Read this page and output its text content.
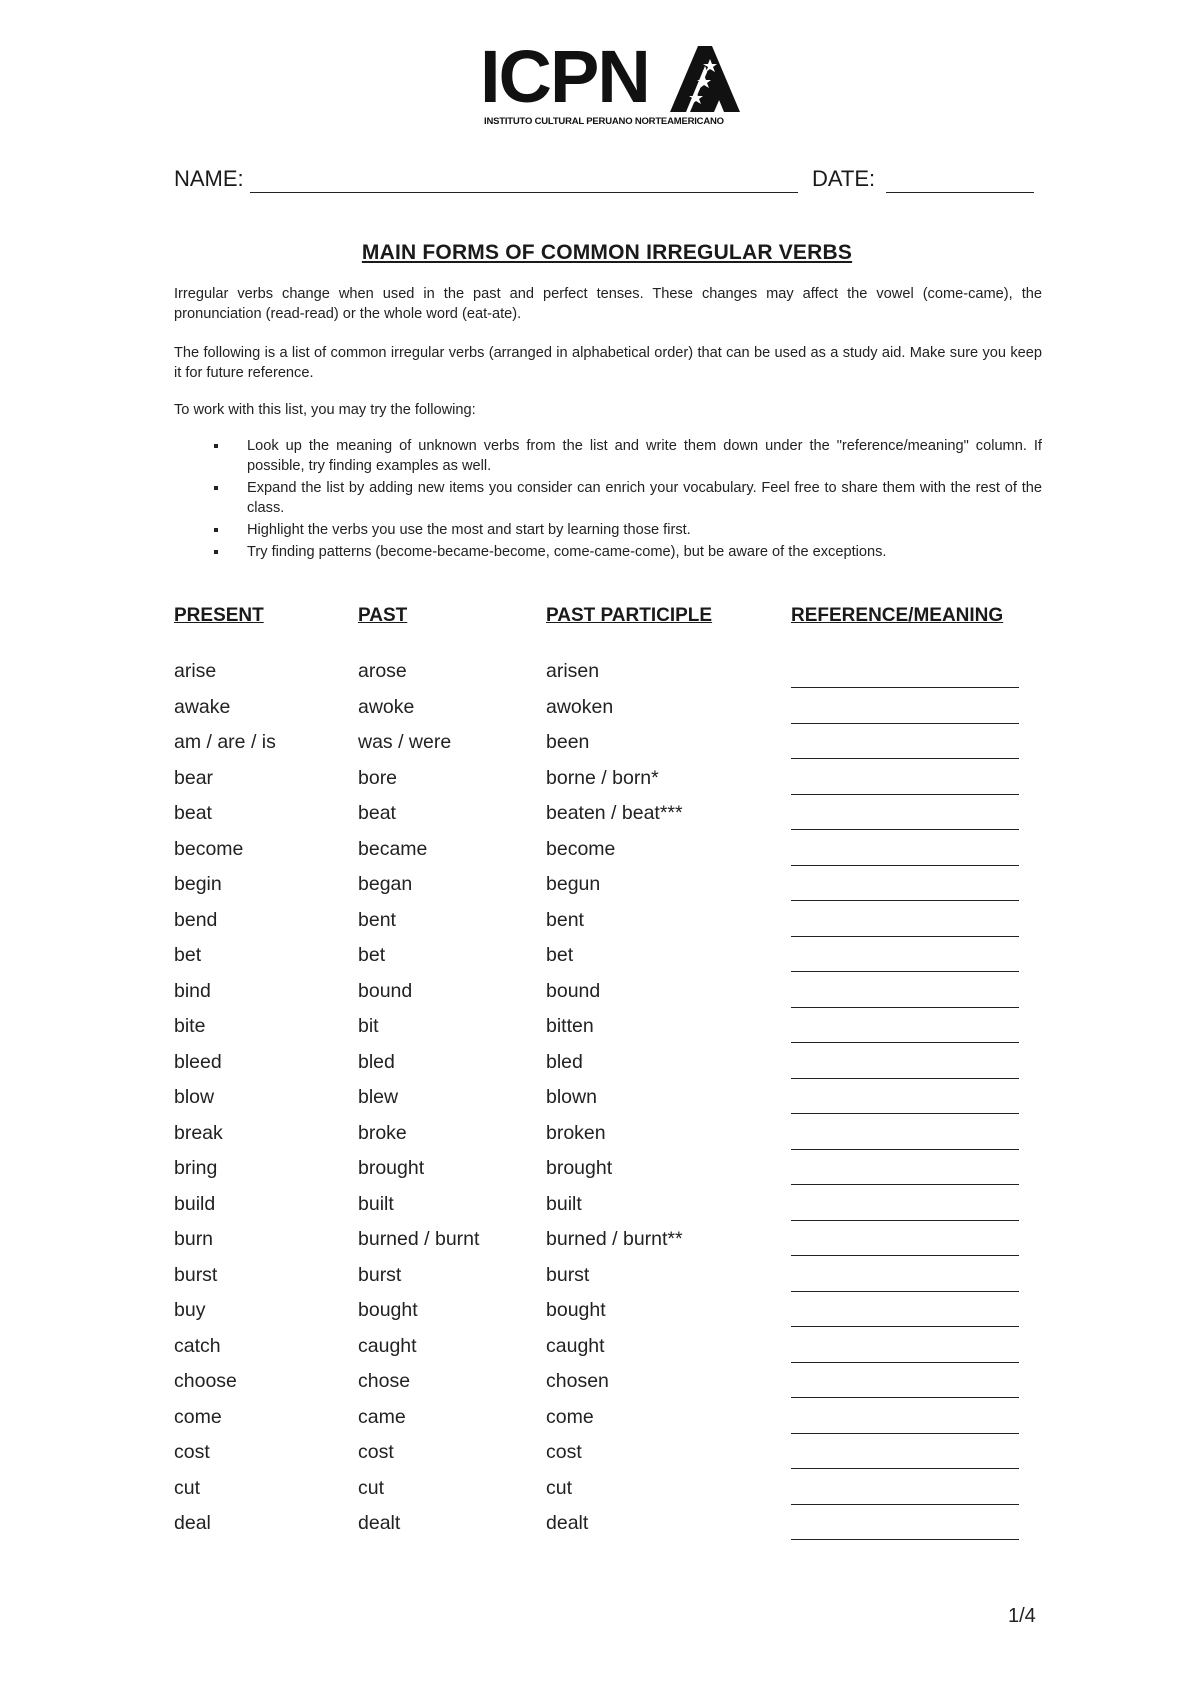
ICPN
INSTITUTO CULTURAL PERUANO NORTEAMERICANO
NAME:	DATE:
MAIN FORMS OF COMMON IRREGULAR VERBS
Irregular verbs change when used in the past and perfect tenses. These changes may affect the vowel (come-came), the pronunciation (read-read) or the whole word (eat-ate).
The following is a list of common irregular verbs (arranged in alphabetical order) that can be used as a study aid. Make sure you keep it for future reference.
To work with this list, you may try the following:
Look up the meaning of unknown verbs from the list and write them down under the "reference/meaning" column. If possible, try finding examples as well.
Expand the list by adding new items you consider can enrich your vocabulary. Feel free to share them with the rest of the class.
Highlight the verbs you use the most and start by learning those first.
Try finding patterns (become-became-become, come-came-come), but be aware of the exceptions.
PRESENT	PAST	PAST PARTICIPLE	REFERENCE/MEANING
arise	arose	arisen
awake	awoke	awoken
am / are / is	was / were	been
bear	bore	borne / born*
beat	beat	beaten / beat***
become	became	become
begin	began	begun
bend	bent	bent
bet	bet	bet
bind	bound	bound
bite	bit	bitten
bleed	bled	bled
blow	blew	blown
break	broke	broken
bring	brought	brought
build	built	built
burn	burned / burnt	burned / burnt**
burst	burst	burst
buy	bought	bought
catch	caught	caught
choose	chose	chosen
come	came	come
cost	cost	cost
cut	cut	cut
deal	dealt	dealt
1/4
